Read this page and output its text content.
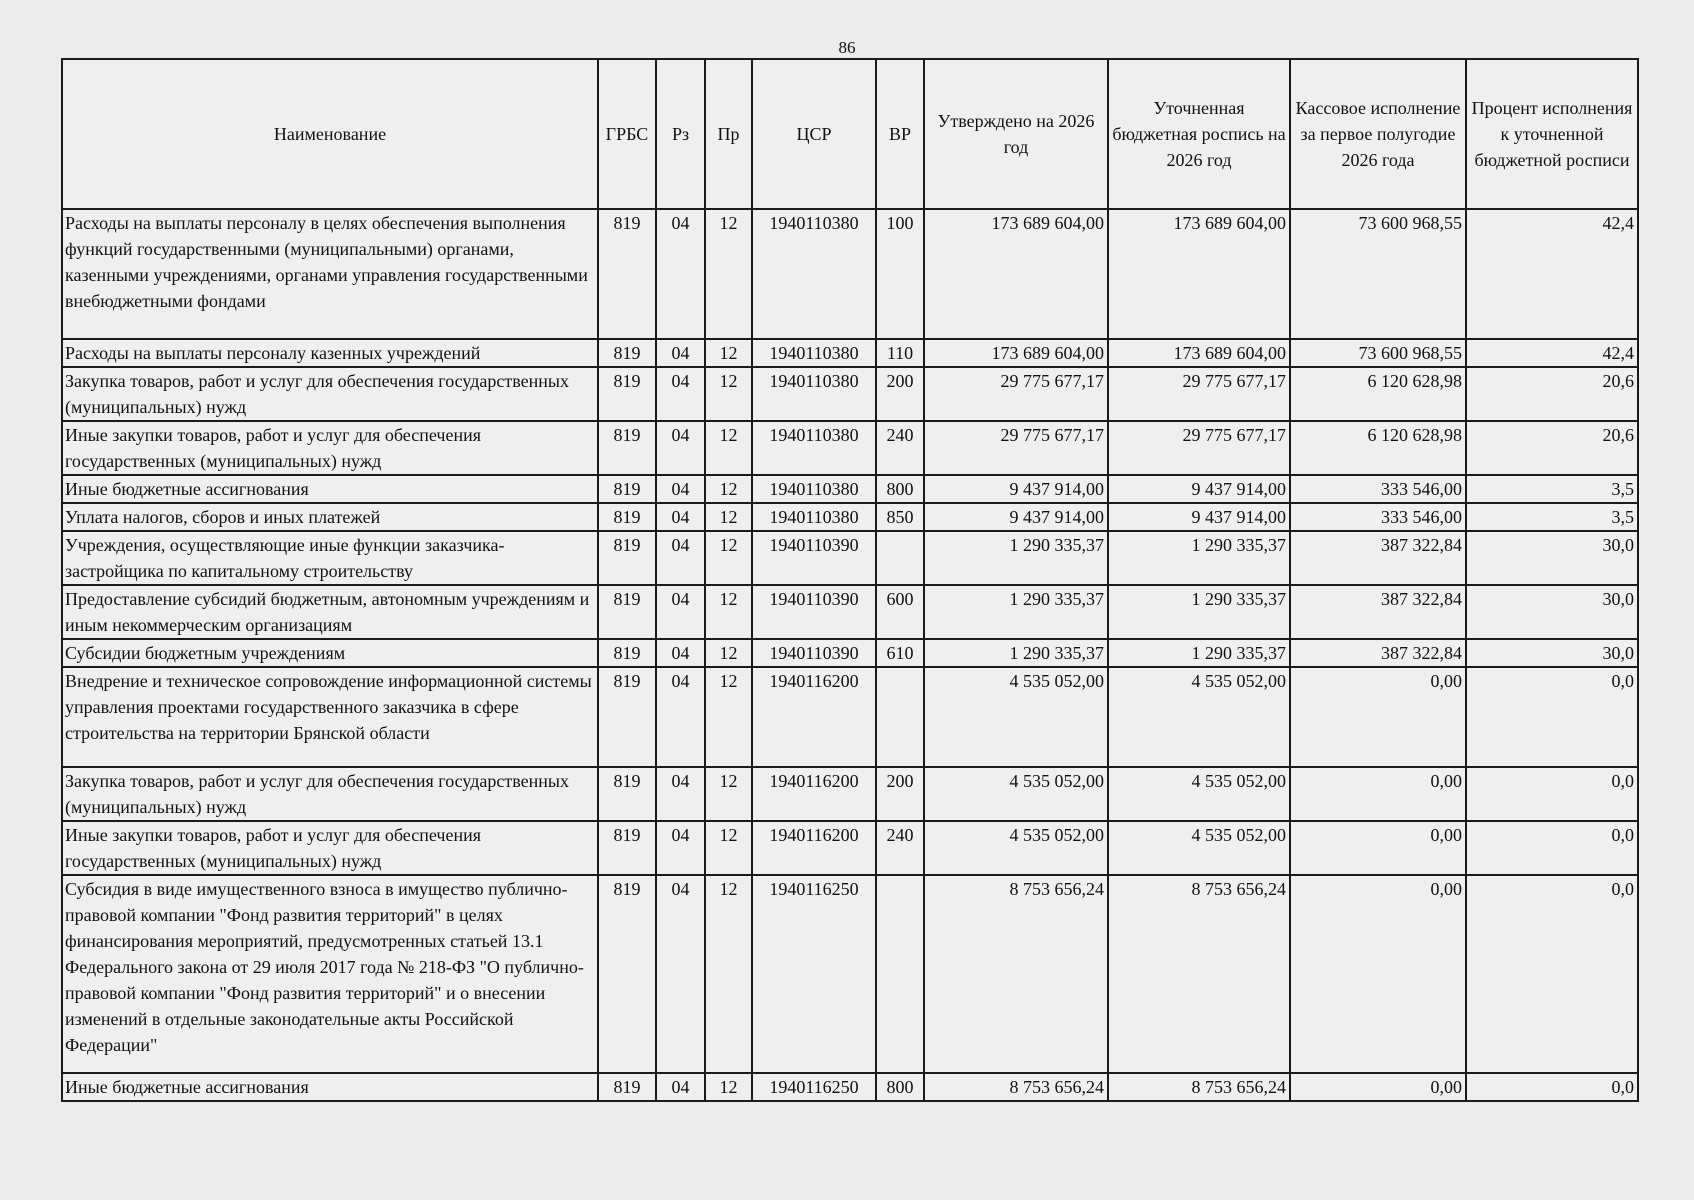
86
Наименование	ГРБС	Рз	Пр	ЦСР	ВР	Утверждено на 2026 год	Уточненная бюджетная роспись на 2026 год	Кассовое исполнение за первое полугодие 2026 года	Процент исполнения к уточненной бюджетной росписи
Расходы на выплаты персоналу в целях обеспечения выполнения функций государственными (муниципальными) органами, казенными учреждениями, органами управления государственными внебюджетными фондами	819	04	12	1940110380	100	173 689 604,00	173 689 604,00	73 600 968,55	42,4
Расходы на выплаты персоналу казенных учреждений	819	04	12	1940110380	110	173 689 604,00	173 689 604,00	73 600 968,55	42,4
Закупка товаров, работ и услуг для обеспечения государственных (муниципальных) нужд	819	04	12	1940110380	200	29 775 677,17	29 775 677,17	6 120 628,98	20,6
Иные закупки товаров, работ и услуг для обеспечения государственных (муниципальных) нужд	819	04	12	1940110380	240	29 775 677,17	29 775 677,17	6 120 628,98	20,6
Иные бюджетные ассигнования	819	04	12	1940110380	800	9 437 914,00	9 437 914,00	333 546,00	3,5
Уплата налогов, сборов и иных платежей	819	04	12	1940110380	850	9 437 914,00	9 437 914,00	333 546,00	3,5
Учреждения, осуществляющие иные функции заказчика-застройщика по капитальному строительству	819	04	12	1940110390		1 290 335,37	1 290 335,37	387 322,84	30,0
Предоставление субсидий бюджетным, автономным учреждениям и иным некоммерческим организациям	819	04	12	1940110390	600	1 290 335,37	1 290 335,37	387 322,84	30,0
Субсидии бюджетным учреждениям	819	04	12	1940110390	610	1 290 335,37	1 290 335,37	387 322,84	30,0
Внедрение и техническое сопровождение информационной системы управления проектами государственного заказчика в сфере строительства на территории Брянской области	819	04	12	1940116200		4 535 052,00	4 535 052,00	0,00	0,0
Закупка товаров, работ и услуг для обеспечения государственных (муниципальных) нужд	819	04	12	1940116200	200	4 535 052,00	4 535 052,00	0,00	0,0
Иные закупки товаров, работ и услуг для обеспечения государственных (муниципальных) нужд	819	04	12	1940116200	240	4 535 052,00	4 535 052,00	0,00	0,0
Субсидия в виде имущественного взноса в имущество публично-правовой компании "Фонд развития территорий" в целях финансирования мероприятий, предусмотренных статьей 13.1 Федерального закона от 29 июля 2017 года № 218-ФЗ "О публично-правовой компании "Фонд развития территорий" и о внесении изменений в отдельные законодательные акты Российской Федерации"	819	04	12	1940116250		8 753 656,24	8 753 656,24	0,00	0,0
Иные бюджетные ассигнования	819	04	12	1940116250	800	8 753 656,24	8 753 656,24	0,00	0,0
